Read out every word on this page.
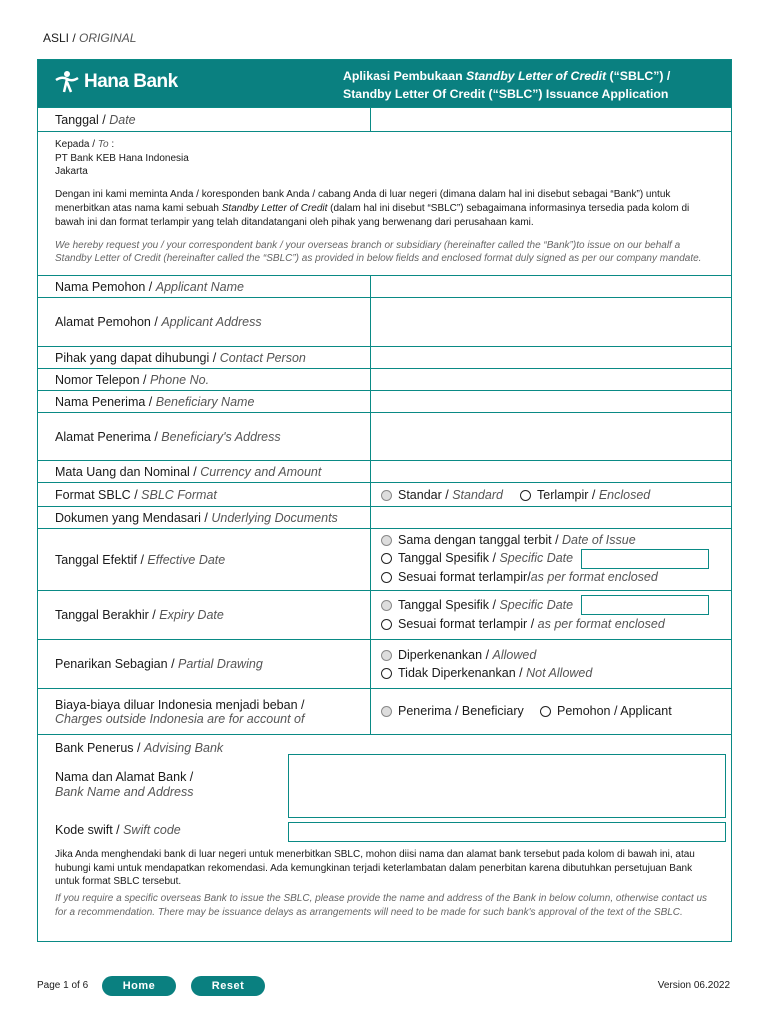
ASLI / ORIGINAL
Hana Bank	Aplikasi Pembukaan Standby Letter of Credit (“SBLC”) /
Standby Letter Of Credit (“SBLC”) Issuance Application
Tanggal / Date

Kepada / To :

PT Bank KEB Hana Indonesia

Jakarta

Dengan ini kami meminta Anda / koresponden bank Anda / cabang Anda di luar negeri (dimana dalam hal ini disebut sebagai “Bank”) untuk menerbitkan atas nama kami sebuah Standby Letter of Credit (dalam hal ini disebut “SBLC”) sebagaimana informasinya tersedia pada kolom di bawah ini dan format terlampir yang telah ditandatangani oleh pihak yang berwenang dari perusahaan kami.

We hereby request you / your correspondent bank / your overseas branch or subsidiary (hereinafter called the “Bank”)to issue on our behalf a Standby Letter of Credit (hereinafter called the “SBLC”) as provided in below fields and enclosed format duly signed as per our company mandate.

Nama Pemohon / Applicant Name
Alamat Pemohon / Applicant Address
Pihak yang dapat dihubungi / Contact Person
Nomor Telepon / Phone No.
Nama Penerima / Beneficiary Name
Alamat Penerima / Beneficiary's Address
Mata Uang dan Nominal / Currency and Amount
Format SBLC / SBLC Format	Standar / Standard	Terlampir / Enclosed
Dokumen yang Mendasari / Underlying Documents
Tanggal Efektif / Effective Date
Sama dengan tanggal terbit / Date of Issue
Tanggal Spesifik / Specific Date
Sesuai format terlampir/ as per format enclosed
Tanggal Berakhir / Expiry Date
Tanggal Spesifik / Specific Date
Sesuai format terlampir / as per format enclosed
Penarikan Sebagian / Partial Drawing
Diperkenankan / Allowed
Tidak Diperkenankan / Not Allowed
Biaya-biaya diluar Indonesia menjadi beban /
Charges outside Indonesia are for account of
Penerima / Beneficiary	Pemohon / Applicant
Bank Penerus / Advising Bank
Nama dan Alamat Bank /
Bank Name and Address
Kode swift / Swift code
Jika Anda menghendaki bank di luar negeri untuk menerbitkan SBLC, mohon diisi nama dan alamat bank tersebut pada kolom di bawah ini, atau hubungi kami untuk mendapatkan rekomendasi. Ada kemungkinan terjadi keterlambatan dalam penerbitan karena dibutuhkan persetujuan Bank untuk format SBLC tersebut.
If you require a specific overseas Bank to issue the SBLC, please provide the name and address of the Bank in below column, otherwise contact us for a recommendation. There may be issuance delays as arrangements will need to be made for such bank's approval of the text of the SBLC.
Page 1 of 6	Home	Reset	Version 06.2022
